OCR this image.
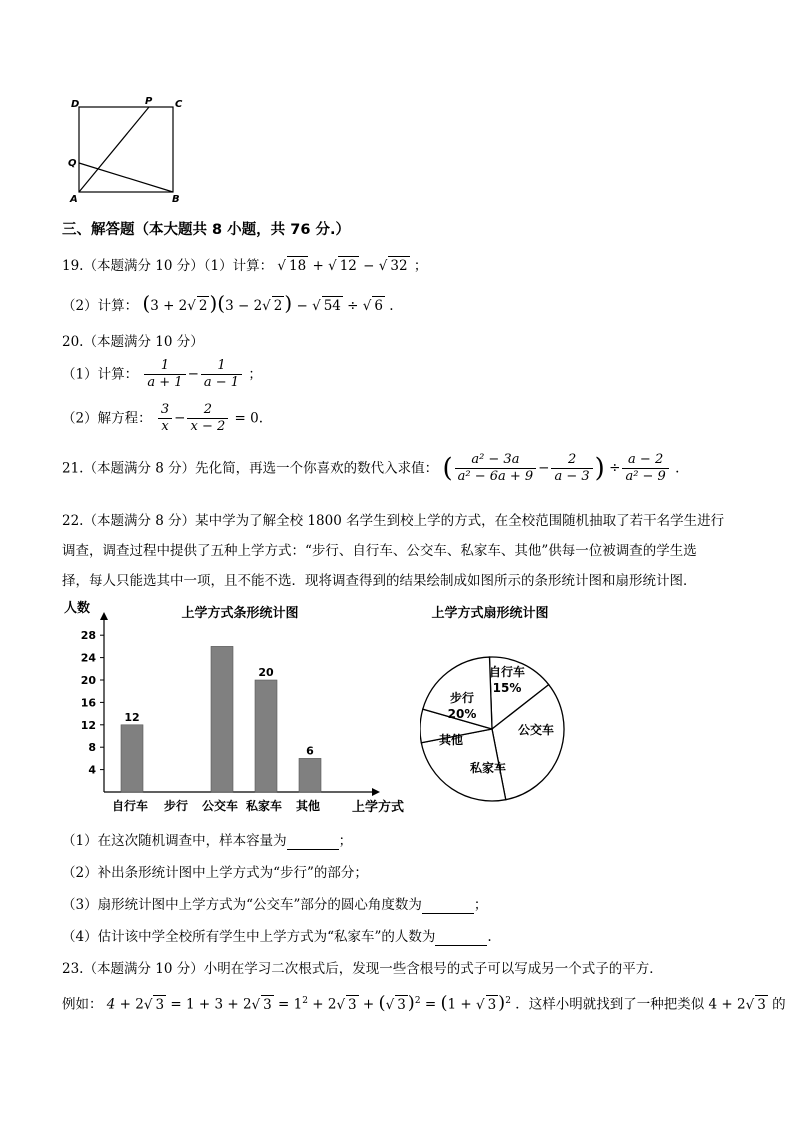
D	P C
Q
A	B
三、解答题（本大题共 8 小题，共 76 分.）
19.（本题满分 10 分）（1）计算： √ 18 + √ 12 − √ 32 ；
（2）计算： (3 + 2√ 2 )(3 − 2√ 2 ) − √ 54 ÷ √ 6 .
20.（本题满分 10 分）
（1）计算： $\frac{1}{a + 1} - \frac{1}{a - 1}$ ；
（2）解方程： $\frac{3}{x} - \frac{2}{x - 2} = 0$.
21.（本题满分 8 分）先化简，再选一个你喜欢的数代入求值： ( $\frac{\text{a² − 3a}}{\text{a² − 6a + 9}} - \frac{2}{a - 3}$ ) ÷ $\frac{a - 2}{\text{a² − 9}}$ .
22.（本题满分 8 分）某中学为了解全校 1800 名学生到校上学的方式，在全校范围随机抽取了若干名学生进行
调查，调查过程中提供了五种上学方式：“步行、自行车、公交车、私家车、其他”供每一位被调查的学生选
择，每人只能选其中一项，且不能不选．现将调查得到的结果绘制成如图所示的条形统计图和扇形统计图．
上学方式条形统计图
人数
上学方式
4
8
12
16
20
24
28
12
自行车 步行 公交车
20
私家车
6
其他
上学方式扇形统计图
自行车
15%
公交车
私家车
其他
步行
20%
（1）在这次随机调查中，样本容量为	；
（2）补出条形统计图中上学方式为“步行”的部分；
（3）扇形统计图中上学方式为“公交车”部分的圆心角度数为	；
（4）估计该中学全校所有学生中上学方式为“私家车”的人数为	.
23.（本题满分 10 分）小明在学习二次根式后，发现一些含根号的式子可以写成另一个式子的平方．
例如： 4 + 2√ 3 = 1 + 3 + 2√ $3 = 1^2 + 2√$ 3 + (√ 3 )$^2$ = (1 + √ 3 )$^2$ ．这样小明就找到了一种把类似 4 + 2√ 3 的
